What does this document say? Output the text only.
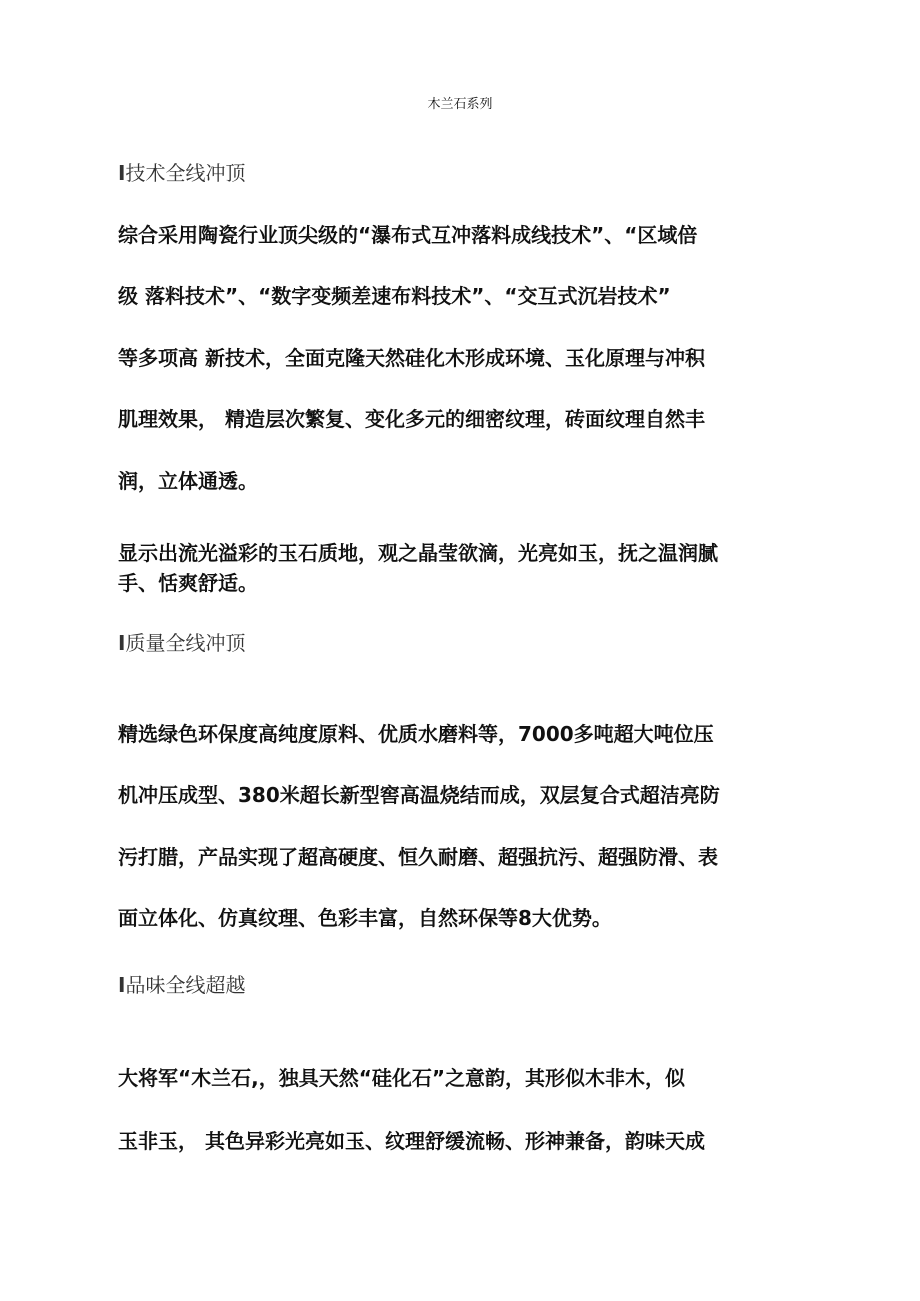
木兰石系列
I技术全线冲顶
综合采用陶瓷行业顶尖级的“瀑布式互冲落料成线技术”、“区域倍
级 落料技术”、“数字变频差速布料技术”、“交互式沉岩技术”
等多项高 新技术，全面克隆天然硅化木形成环境、玉化原理与冲积
肌理效果， 精造层次繁复、变化多元的细密纹理，砖面纹理自然丰
润，立体通透。
显示出流光溢彩的玉石质地，观之晶莹欲滴，光亮如玉，抚之温润腻
手、恬爽舒适。
I质量全线冲顶
精选绿色环保度高纯度原料、优质水磨料等，7000多吨超大吨位压
机冲压成型、380米超长新型窖高温烧结而成，双层复合式超洁亮防
污打腊，产品实现了超高硬度、恒久耐磨、超强抗污、超强防滑、表
面立体化、仿真纹理、色彩丰富，自然环保等8大优势。
I品味全线超越
大将军“木兰石,，独具天然“硅化石”之意韵，其形似木非木，似
玉非玉， 其色异彩光亮如玉、纹理舒缓流畅、形神兼备，韵味天成
